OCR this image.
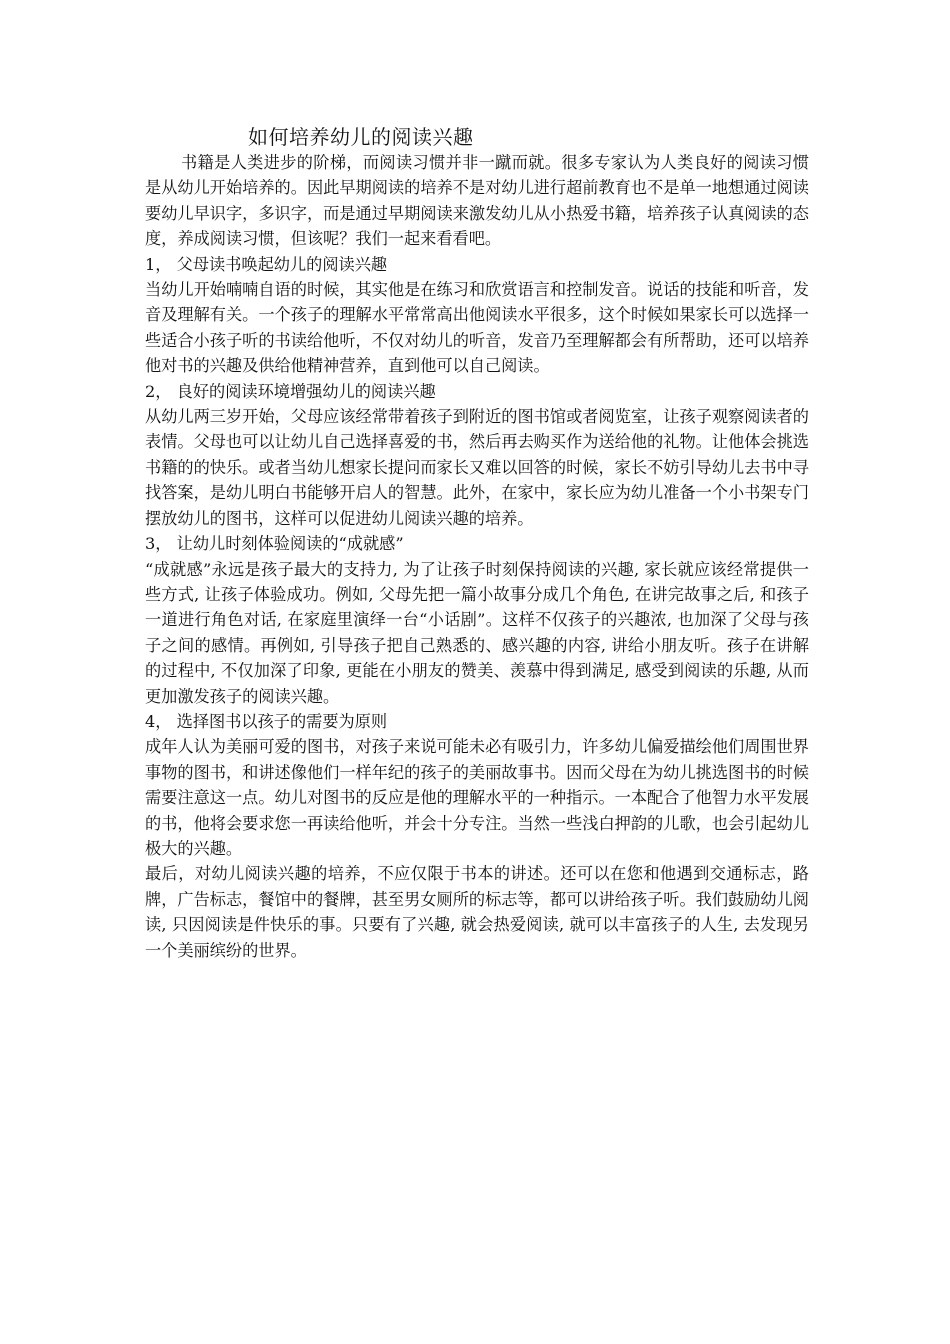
如何培养幼儿的阅读兴趣

书籍是人类进步的阶梯，而阅读习惯并非一蹴而就。很多专家认为人类良好的阅读习惯是从幼儿开始培养的。因此早期阅读的培养不是对幼儿进行超前教育也不是单一地想通过阅读要幼儿早识字，多识字，而是通过早期阅读来激发幼儿从小热爱书籍，培养孩子认真阅读的态度，养成阅读习惯，但该呢？我们一起来看看吧。

1， 父母读书唤起幼儿的阅读兴趣

当幼儿开始喃喃自语的时候，其实他是在练习和欣赏语言和控制发音。说话的技能和听音，发音及理解有关。一个孩子的理解水平常常高出他阅读水平很多，这个时候如果家长可以选择一些适合小孩子听的书读给他听，不仅对幼儿的听音，发音乃至理解都会有所帮助，还可以培养他对书的兴趣及供给他精神营养，直到他可以自己阅读。

2， 良好的阅读环境增强幼儿的阅读兴趣

从幼儿两三岁开始，父母应该经常带着孩子到附近的图书馆或者阅览室，让孩子观察阅读者的表情。父母也可以让幼儿自己选择喜爱的书，然后再去购买作为送给他的礼物。让他体会挑选书籍的的快乐。或者当幼儿想家长提问而家长又难以回答的时候，家长不妨引导幼儿去书中寻找答案，是幼儿明白书能够开启人的智慧。此外，在家中，家长应为幼儿准备一个小书架专门摆放幼儿的图书，这样可以促进幼儿阅读兴趣的培养。

3， 让幼儿时刻体验阅读的“成就感”

“成就感”永远是孩子最大的支持力, 为了让孩子时刻保持阅读的兴趣, 家长就应该经常提供一些方式, 让孩子体验成功。例如, 父母先把一篇小故事分成几个角色, 在讲完故事之后, 和孩子一道进行角色对话, 在家庭里演绎一台“小话剧”。这样不仅孩子的兴趣浓, 也加深了父母与孩子之间的感情。再例如, 引导孩子把自己熟悉的、感兴趣的内容, 讲给小朋友听。孩子在讲解的过程中, 不仅加深了印象, 更能在小朋友的赞美、羡慕中得到满足, 感受到阅读的乐趣, 从而更加激发孩子的阅读兴趣。

4， 选择图书以孩子的需要为原则

成年人认为美丽可爱的图书，对孩子来说可能未必有吸引力，许多幼儿偏爱描绘他们周围世界事物的图书，和讲述像他们一样年纪的孩子的美丽故事书。因而父母在为幼儿挑选图书的时候需要注意这一点。幼儿对图书的反应是他的理解水平的一种指示。一本配合了他智力水平发展的书，他将会要求您一再读给他听，并会十分专注。当然一些浅白押韵的儿歌，也会引起幼儿极大的兴趣。

最后，对幼儿阅读兴趣的培养，不应仅限于书本的讲述。还可以在您和他遇到交通标志，路牌，广告标志，餐馆中的餐牌，甚至男女厕所的标志等，都可以讲给孩子听。我们鼓励幼儿阅读, 只因阅读是件快乐的事。只要有了兴趣, 就会热爱阅读, 就可以丰富孩子的人生, 去发现另一个美丽缤纷的世界。
